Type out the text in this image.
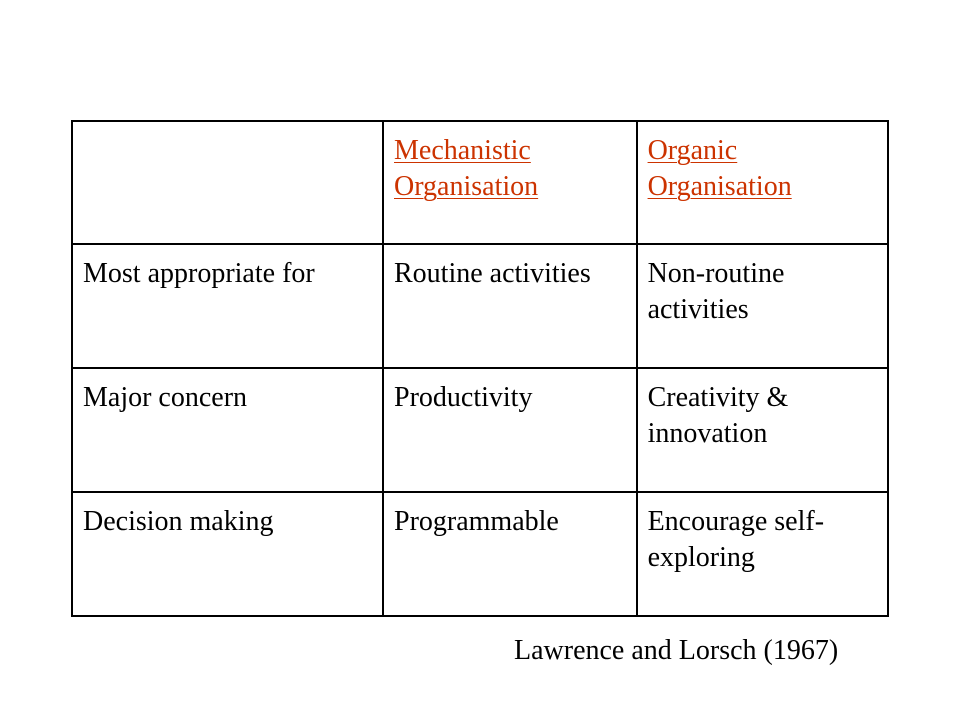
	Mechanistic Organisation	Organic Organisation
Most appropriate for	Routine activities	Non-routine activities
Major concern	Productivity	Creativity & innovation
Decision making	Programmable	Encourage self-exploring
Lawrence and Lorsch (1967)
